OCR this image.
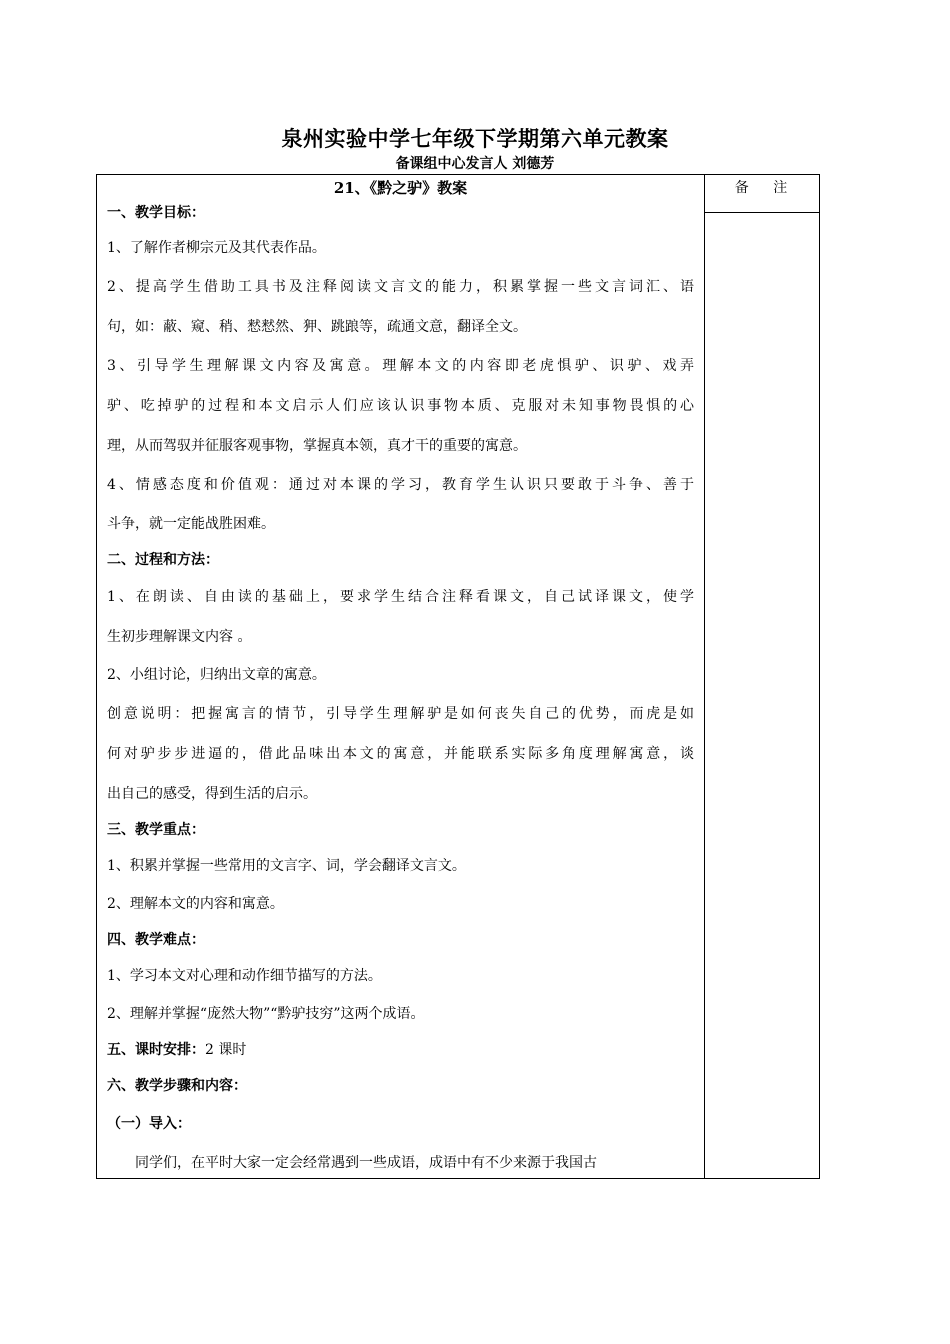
泉州实验中学七年级下学期第六单元教案
备课组中心发言人 刘德芳
21、《黔之驴》教案
一、教学目标：
1、了解作者柳宗元及其代表作品。
2、提高学生借助工具书及注释阅读文言文的能力，积累掌握一些文言词汇、语
句，如：蔽、窥、稍、慭慭然、狎、跳踉等，疏通文意，翻译全文。
3、引导学生理解课文内容及寓意。理解本文的内容即老虎惧驴、识驴、戏弄
驴、吃掉驴的过程和本文启示人们应该认识事物本质、克服对未知事物畏惧的心
理，从而驾驭并征服客观事物，掌握真本领，真才干的重要的寓意。
4、情感态度和价值观：通过对本课的学习，教育学生认识只要敢于斗争、善于
斗争，就一定能战胜困难。
二、过程和方法：
1、在朗读、自由读的基础上，要求学生结合注释看课文，自己试译课文，使学
生初步理解课文内容 。
2、小组讨论，归纳出文章的寓意。
创意说明：把握寓言的情节，引导学生理解驴是如何丧失自己的优势，而虎是如
何对驴步步进逼的，借此品味出本文的寓意，并能联系实际多角度理解寓意，谈
出自己的感受，得到生活的启示。
三、教学重点：
1、积累并掌握一些常用的文言字、词，学会翻译文言文。
2、理解本文的内容和寓意。
四、教学难点：
1、学习本文对心理和动作细节描写的方法。
2、理解并掌握“庞然大物”“黔驴技穷”这两个成语。
五、课时安排：2 课时
六、教学步骤和内容：
（一）导入：
同学们，在平时大家一定会经常遇到一些成语，成语中有不少来源于我国古
备 注
